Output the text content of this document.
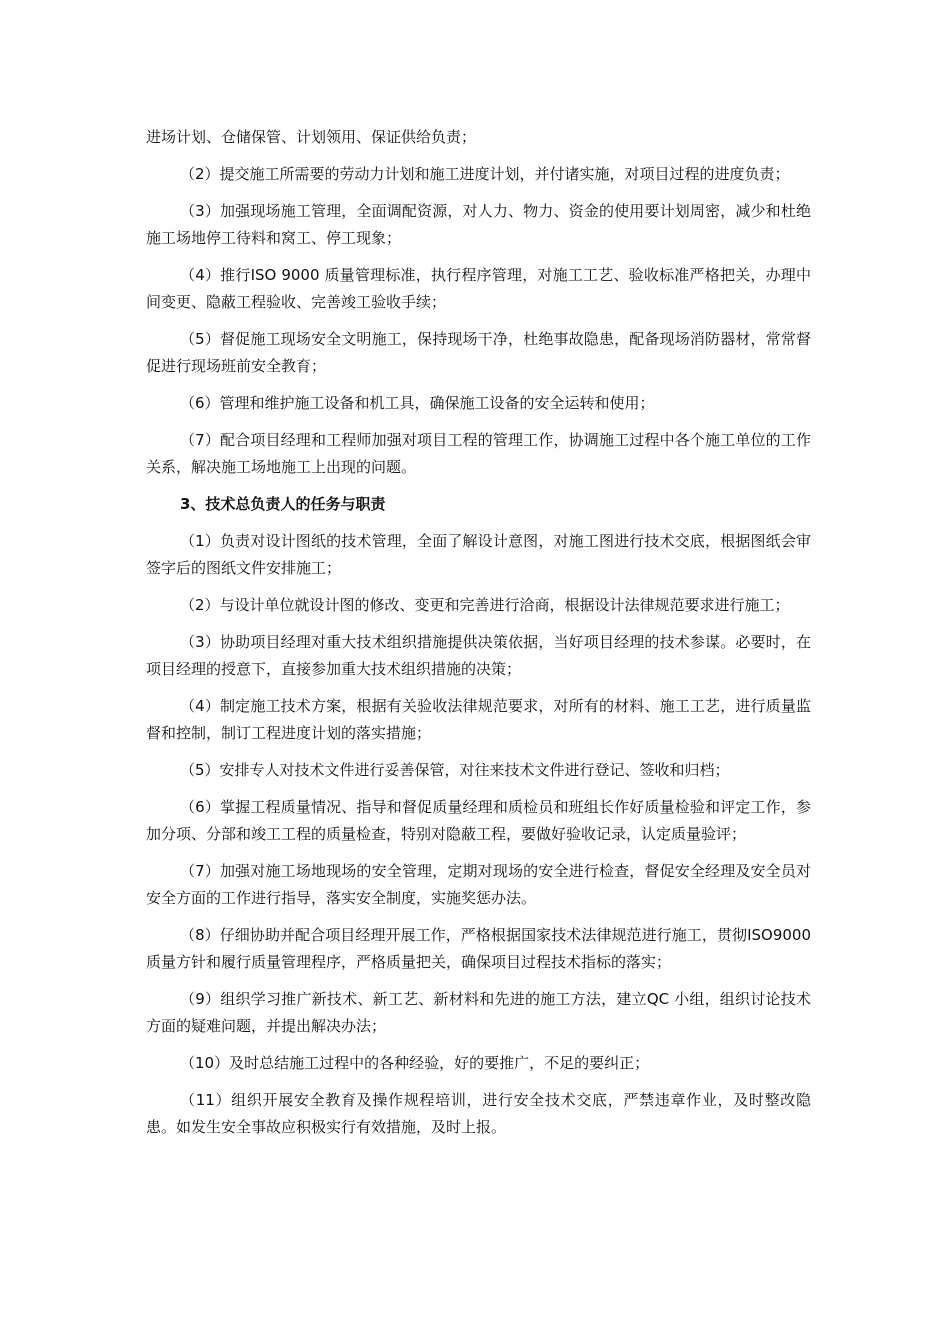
进场计划、仓储保管、计划领用、保证供给负责；

（2）提交施工所需要的劳动力计划和施工进度计划，并付诸实施，对项目过程的进度负责；

（3）加强现场施工管理，全面调配资源，对人力、物力、资金的使用要计划周密，减少和杜绝施工场地停工待料和窝工、停工现象；

（4）推行ISO 9000 质量管理标准，执行程序管理，对施工工艺、验收标准严格把关，办理中间变更、隐蔽工程验收、完善竣工验收手续；

（5）督促施工现场安全文明施工，保持现场干净，杜绝事故隐患，配备现场消防器材，常常督促进行现场班前安全教育；

（6）管理和维护施工设备和机工具，确保施工设备的安全运转和使用；

（7）配合项目经理和工程师加强对项目工程的管理工作，协调施工过程中各个施工单位的工作关系，解决施工场地施工上出现的问题。

3、技术总负责人的任务与职责

（1）负责对设计图纸的技术管理，全面了解设计意图，对施工图进行技术交底，根据图纸会审签字后的图纸文件安排施工；

（2）与设计单位就设计图的修改、变更和完善进行洽商，根据设计法律规范要求进行施工；

（3）协助项目经理对重大技术组织措施提供决策依据，当好项目经理的技术参谋。必要时，在项目经理的授意下，直接参加重大技术组织措施的决策；

（4）制定施工技术方案，根据有关验收法律规范要求，对所有的材料、施工工艺，进行质量监督和控制，制订工程进度计划的落实措施；

（5）安排专人对技术文件进行妥善保管，对往来技术文件进行登记、签收和归档；

（6）掌握工程质量情况、指导和督促质量经理和质检员和班组长作好质量检验和评定工作，参加分项、分部和竣工工程的质量检查，特别对隐蔽工程，要做好验收记录，认定质量验评；

（7）加强对施工场地现场的安全管理，定期对现场的安全进行检查，督促安全经理及安全员对安全方面的工作进行指导，落实安全制度，实施奖惩办法。

（8）仔细协助并配合项目经理开展工作，严格根据国家技术法律规范进行施工，贯彻ISO9000 质量方针和履行质量管理程序，严格质量把关，确保项目过程技术指标的落实；

（9）组织学习推广新技术、新工艺、新材料和先进的施工方法，建立QC 小组，组织讨论技术方面的疑难问题，并提出解决办法；

（10）及时总结施工过程中的各种经验，好的要推广，不足的要纠正；

（11）组织开展安全教育及操作规程培训，进行安全技术交底，严禁违章作业，及时整改隐患。如发生安全事故应积极实行有效措施，及时上报。
